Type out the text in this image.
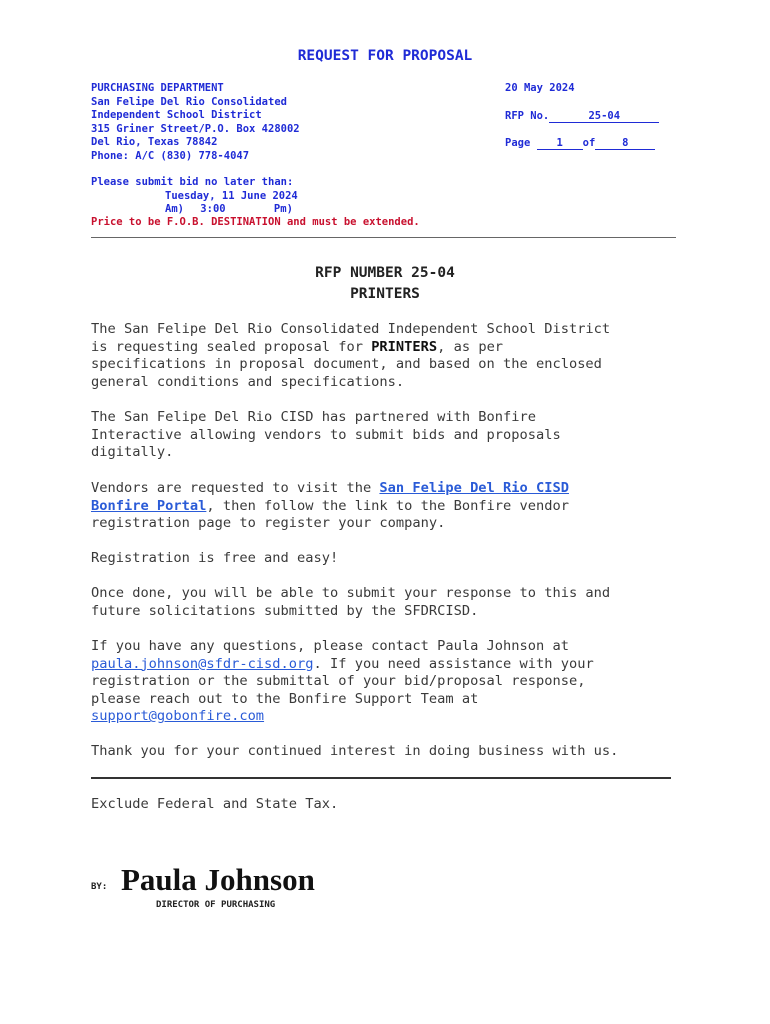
REQUEST FOR PROPOSAL
PURCHASING DEPARTMENT
San Felipe Del Rio Consolidated
Independent School District
315 Griner Street/P.O. Box 428002
Del Rio, Texas 78842
Phone: A/C (830) 778-4047
20 May 2024
RFP No.	25-04
Page 1 of	8
Please submit bid no later than:
Tuesday, 11 June 2024
Am) 3:00	Pm)
Price to be F.O.B. DESTINATION and must be extended.
RFP NUMBER 25-04
PRINTERS
The San Felipe Del Rio Consolidated Independent School District
is requesting sealed proposal for PRINTERS, as per
specifications in proposal document, and based on the enclosed
general conditions and specifications.
The San Felipe Del Rio CISD has partnered with Bonfire
Interactive allowing vendors to submit bids and proposals
digitally.
Vendors are requested to visit the San Felipe Del Rio CISD
Bonfire Portal, then follow the link to the Bonfire vendor
registration page to register your company.
Registration is free and easy!
Once done, you will be able to submit your response to this and
future solicitations submitted by the SFDRCISD.
If you have any questions, please contact Paula Johnson at
paula.johnson@sfdr-cisd.org. If you need assistance with your
registration or the submittal of your bid/proposal response,
please reach out to the Bonfire Support Team at
support@gobonfire.com
Thank you for your continued interest in doing business with us.
Exclude Federal and State Tax.
BY: Paula Johnson
DIRECTOR OF PURCHASING
